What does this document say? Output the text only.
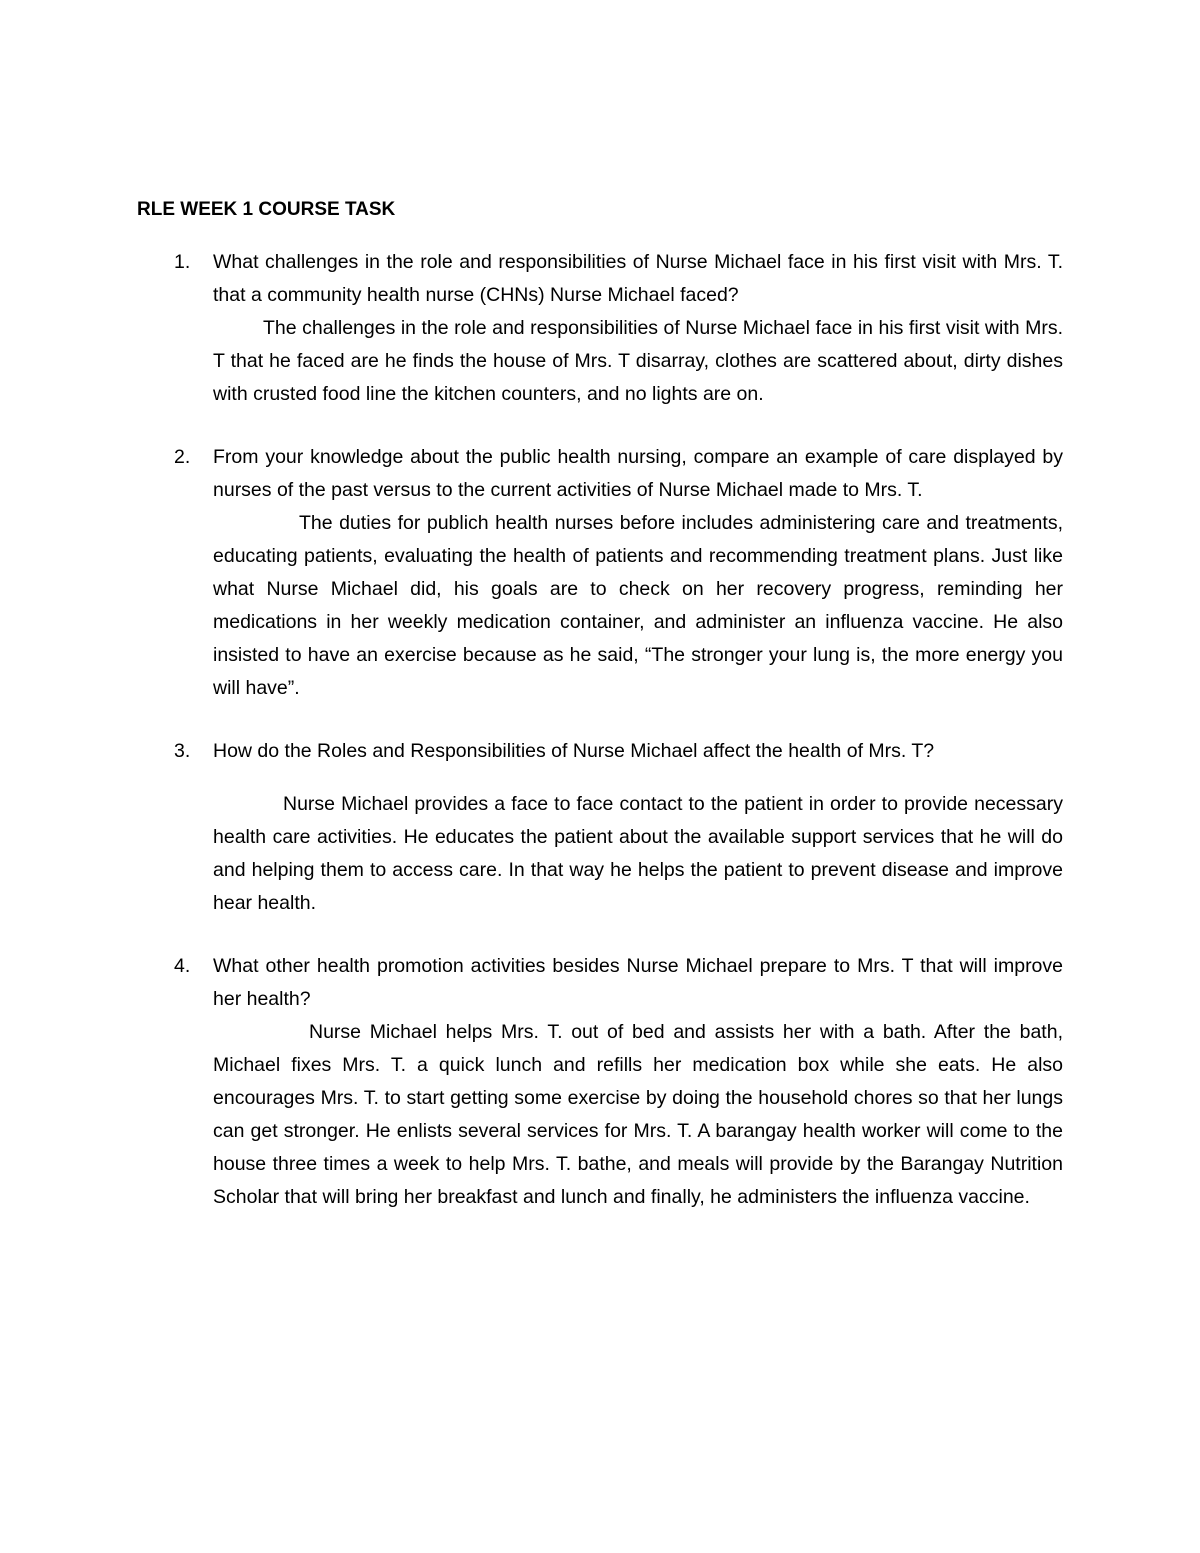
RLE WEEK 1 COURSE TASK
1. What challenges in the role and responsibilities of Nurse Michael face in his first visit with Mrs. T. that a community health nurse (CHNs) Nurse Michael faced?

The challenges in the role and responsibilities of Nurse Michael face in his first visit with Mrs. T that he faced are he finds the house of Mrs. T disarray, clothes are scattered about, dirty dishes with crusted food line the kitchen counters, and no lights are on.

2. From your knowledge about the public health nursing, compare an example of care displayed by nurses of the past versus to the current activities of Nurse Michael made to Mrs. T.

The duties for publich health nurses before includes administering care and treatments, educating patients, evaluating the health of patients and recommending treatment plans. Just like what Nurse Michael did, his goals are to check on her recovery progress, reminding her medications in her weekly medication container, and administer an influenza vaccine. He also insisted to have an exercise because as he said, “The stronger your lung is, the more energy you will have”.

3. How do the Roles and Responsibilities of Nurse Michael affect the health of Mrs. T?

Nurse Michael provides a face to face contact to the patient in order to provide necessary health care activities. He educates the patient about the available support services that he will do and helping them to access care. In that way he helps the patient to prevent disease and improve hear health.

4. What other health promotion activities besides Nurse Michael prepare to Mrs. T that will improve her health?

Nurse Michael helps Mrs. T. out of bed and assists her with a bath. After the bath, Michael fixes Mrs. T. a quick lunch and refills her medication box while she eats. He also encourages Mrs. T. to start getting some exercise by doing the household chores so that her lungs can get stronger. He enlists several services for Mrs. T. A barangay health worker will come to the house three times a week to help Mrs. T. bathe, and meals will provide by the Barangay Nutrition Scholar that will bring her breakfast and lunch and finally, he administers the influenza vaccine.
